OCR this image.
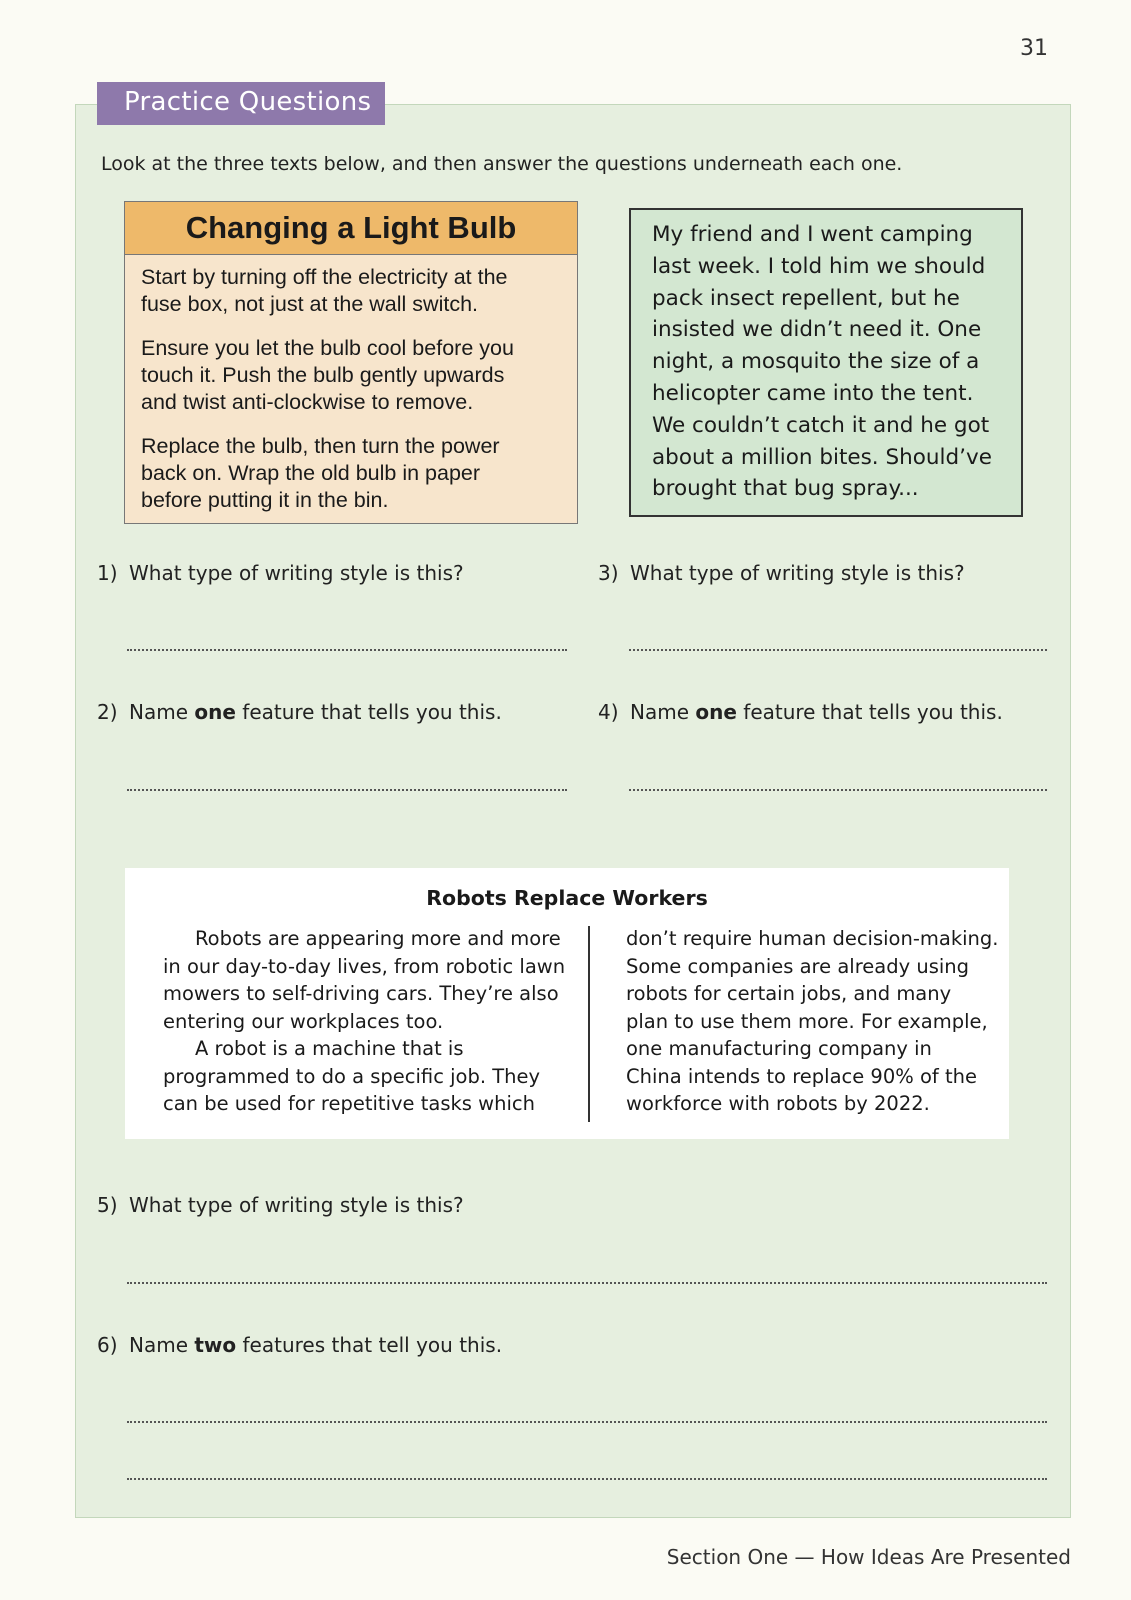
31
Practice Questions
Look at the three texts below, and then answer the questions underneath each one.
Changing a Light Bulb
Start by turning off the electricity at the
fuse box, not just at the wall switch.
Ensure you let the bulb cool before you
touch it. Push the bulb gently upwards
and twist anti-clockwise to remove.
Replace the bulb, then turn the power
back on. Wrap the old bulb in paper
before putting it in the bin.
My friend and I went camping
last week. I told him we should
pack insect repellent, but he
insisted we didn’t need it. One
night, a mosquito the size of a
helicopter came into the tent.
We couldn’t catch it and he got
about a million bites. Should’ve
brought that bug spray...
1) What type of writing style is this?
2) Name one feature that tells you this.
3) What type of writing style is this?
4) Name one feature that tells you this.
Robots Replace Workers
Robots are appearing more and more
in our day-to-day lives, from robotic lawn
mowers to self-driving cars. They’re also
entering our workplaces too.
A robot is a machine that is
programmed to do a specific job. They
can be used for repetitive tasks which
don’t require human decision-making.
Some companies are already using
robots for certain jobs, and many
plan to use them more. For example,
one manufacturing company in
China intends to replace 90% of the
workforce with robots by 2022.
5) What type of writing style is this?
6) Name two features that tell you this.
Section One — How Ideas Are Presented
